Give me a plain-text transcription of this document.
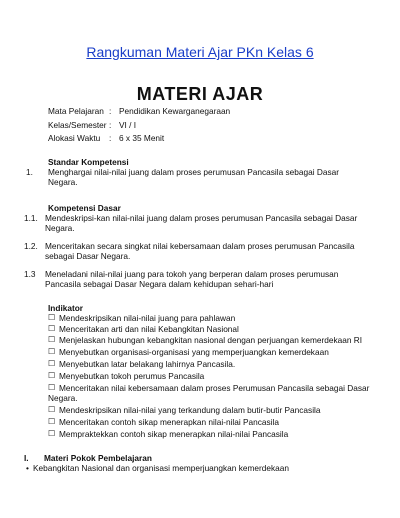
Rangkuman Materi Ajar PKn Kelas 6
MATERI AJAR
Mata Pelajaran : Pendidikan Kewarganegaraan
Kelas/Semester : VI / I
Alokasi Waktu : 6 x 35 Menit
Standar Kompetensi
1. Menghargai nilai-nilai juang dalam proses perumusan Pancasila sebagai Dasar Negara.
Kompetensi Dasar
1.1. Mendeskripsi-kan nilai-nilai juang dalam proses perumusan Pancasila sebagai Dasar
Negara.
1.2. Menceritakan secara singkat nilai kebersamaan dalam proses perumusan Pancasila
sebagai Dasar Negara.
1.3 Meneladani nilai-nilai juang para tokoh yang berperan dalam proses perumusan
Pancasila sebagai Dasar Negara dalam kehidupan sehari-hari
Indikator
☐ Mendeskripsikan nilai-nilai juang para pahlawan
☐ Menceritakan arti dan nilai Kebangkitan Nasional
☐ Menjelaskan hubungan kebangkitan nasional dengan perjuangan kemerdekaan RI
☐ Menyebutkan organisasi-organisasi yang memperjuangkan kemerdekaan
☐ Menyebutkan latar belakang lahirnya Pancasila.
☐ Menyebutkan tokoh perumus Pancasila
☐ Menceritakan nilai kebersamaan dalam proses Perumusan Pancasila sebagai Dasar
Negara.
☐ Mendeskripsikan nilai-nilai yang terkandung dalam butir-butir Pancasila
☐ Menceritakan contoh sikap menerapkan nilai-nilai Pancasila
☐ Mempraktekkan contoh sikap menerapkan nilai-nilai Pancasila
I. Materi Pokok Pembelajaran
• Kebangkitan Nasional dan organisasi memperjuangkan kemerdekaan
